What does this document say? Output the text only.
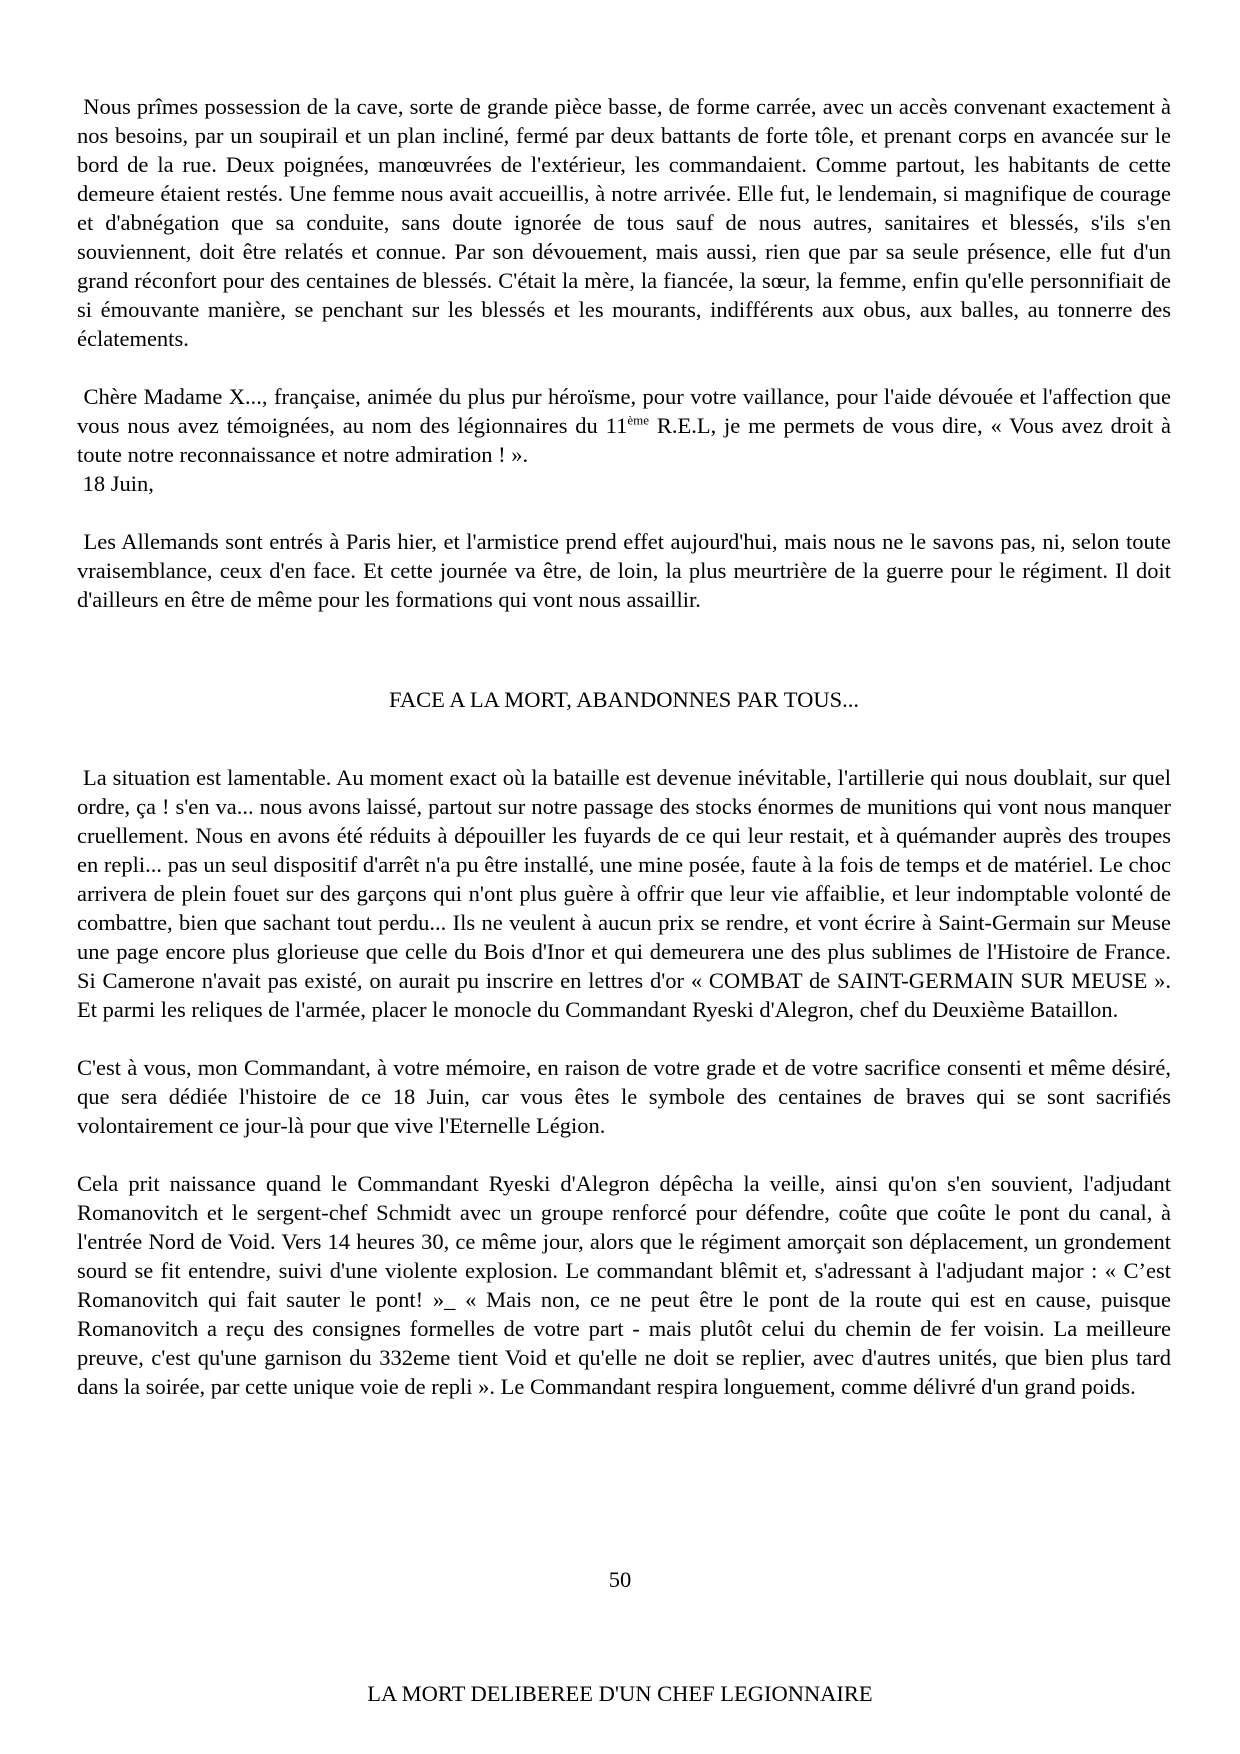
Nous prîmes possession de la cave, sorte de grande pièce basse, de forme carrée, avec un accès convenant exactement à nos besoins, par un soupirail et un plan incliné, fermé par deux battants de forte tôle, et prenant corps en avancée sur le bord de la rue. Deux poignées, manœuvrées de l'extérieur, les commandaient. Comme partout, les habitants de cette demeure étaient restés. Une femme nous avait accueillis, à notre arrivée. Elle fut, le lendemain, si magnifique de courage et d'abnégation que sa conduite, sans doute ignorée de tous sauf de nous autres, sanitaires et blessés, s'ils s'en souviennent, doit être relatés et connue. Par son dévouement, mais aussi, rien que par sa seule présence, elle fut d'un grand réconfort pour des centaines de blessés. C'était la mère, la fiancée, la sœur, la femme, enfin qu'elle personnifiait de si émouvante manière, se penchant sur les blessés et les mourants, indifférents aux obus, aux balles, au tonnerre des éclatements.

Chère Madame X..., française, animée du plus pur héroïsme, pour votre vaillance, pour l'aide dévouée et l'affection que vous nous avez témoignées, au nom des légionnaires du 11ème R.E.L, je me permets de vous dire, « Vous avez droit à toute notre reconnaissance et notre admiration ! ».

18 Juin,

Les Allemands sont entrés à Paris hier, et l'armistice prend effet aujourd'hui, mais nous ne le savons pas, ni, selon toute vraisemblance, ceux d'en face. Et cette journée va être, de loin, la plus meurtrière de la guerre pour le régiment. Il doit d'ailleurs en être de même pour les formations qui vont nous assaillir.

FACE A LA MORT, ABANDONNES PAR TOUS...

La situation est lamentable. Au moment exact où la bataille est devenue inévitable, l'artillerie qui nous doublait, sur quel ordre, ça ! s'en va... nous avons laissé, partout sur notre passage des stocks énormes de munitions qui vont nous manquer cruellement. Nous en avons été réduits à dépouiller les fuyards de ce qui leur restait, et à quémander auprès des troupes en repli... pas un seul dispositif d'arrêt n'a pu être installé, une mine posée, faute à la fois de temps et de matériel. Le choc arrivera de plein fouet sur des garçons qui n'ont plus guère à offrir que leur vie affaiblie, et leur indomptable volonté de combattre, bien que sachant tout perdu... Ils ne veulent à aucun prix se rendre, et vont écrire à Saint-Germain sur Meuse une page encore plus glorieuse que celle du Bois d'Inor et qui demeurera une des plus sublimes de l'Histoire de France. Si Camerone n'avait pas existé, on aurait pu inscrire en lettres d'or « COMBAT de SAINT-GERMAIN SUR MEUSE ». Et parmi les reliques de l'armée, placer le monocle du Commandant Ryeski d'Alegron, chef du Deuxième Bataillon.

C'est à vous, mon Commandant, à votre mémoire, en raison de votre grade et de votre sacrifice consenti et même désiré, que sera dédiée l'histoire de ce 18 Juin, car vous êtes le symbole des centaines de braves qui se sont sacrifiés volontairement ce jour-là pour que vive l'Eternelle Légion.

Cela prit naissance quand le Commandant Ryeski d'Alegron dépêcha la veille, ainsi qu'on s'en souvient, l'adjudant Romanovitch et le sergent-chef Schmidt avec un groupe renforcé pour défendre, coûte que coûte le pont du canal, à l'entrée Nord de Void. Vers 14 heures 30, ce même jour, alors que le régiment amorçait son déplacement, un grondement sourd se fit entendre, suivi d'une violente explosion. Le commandant blêmit et, s'adressant à l'adjudant major : « C’est Romanovitch qui fait sauter le pont! »_ « Mais non, ce ne peut être le pont de la route qui est en cause, puisque Romanovitch a reçu des consignes formelles de votre part - mais plutôt celui du chemin de fer voisin. La meilleure preuve, c'est qu'une garnison du 332eme tient Void et qu'elle ne doit se replier, avec d'autres unités, que bien plus tard dans la soirée, par cette unique voie de repli ». Le Commandant respira longuement, comme délivré d'un grand poids.

50
LA MORT DELIBEREE D'UN CHEF LEGIONNAIRE
